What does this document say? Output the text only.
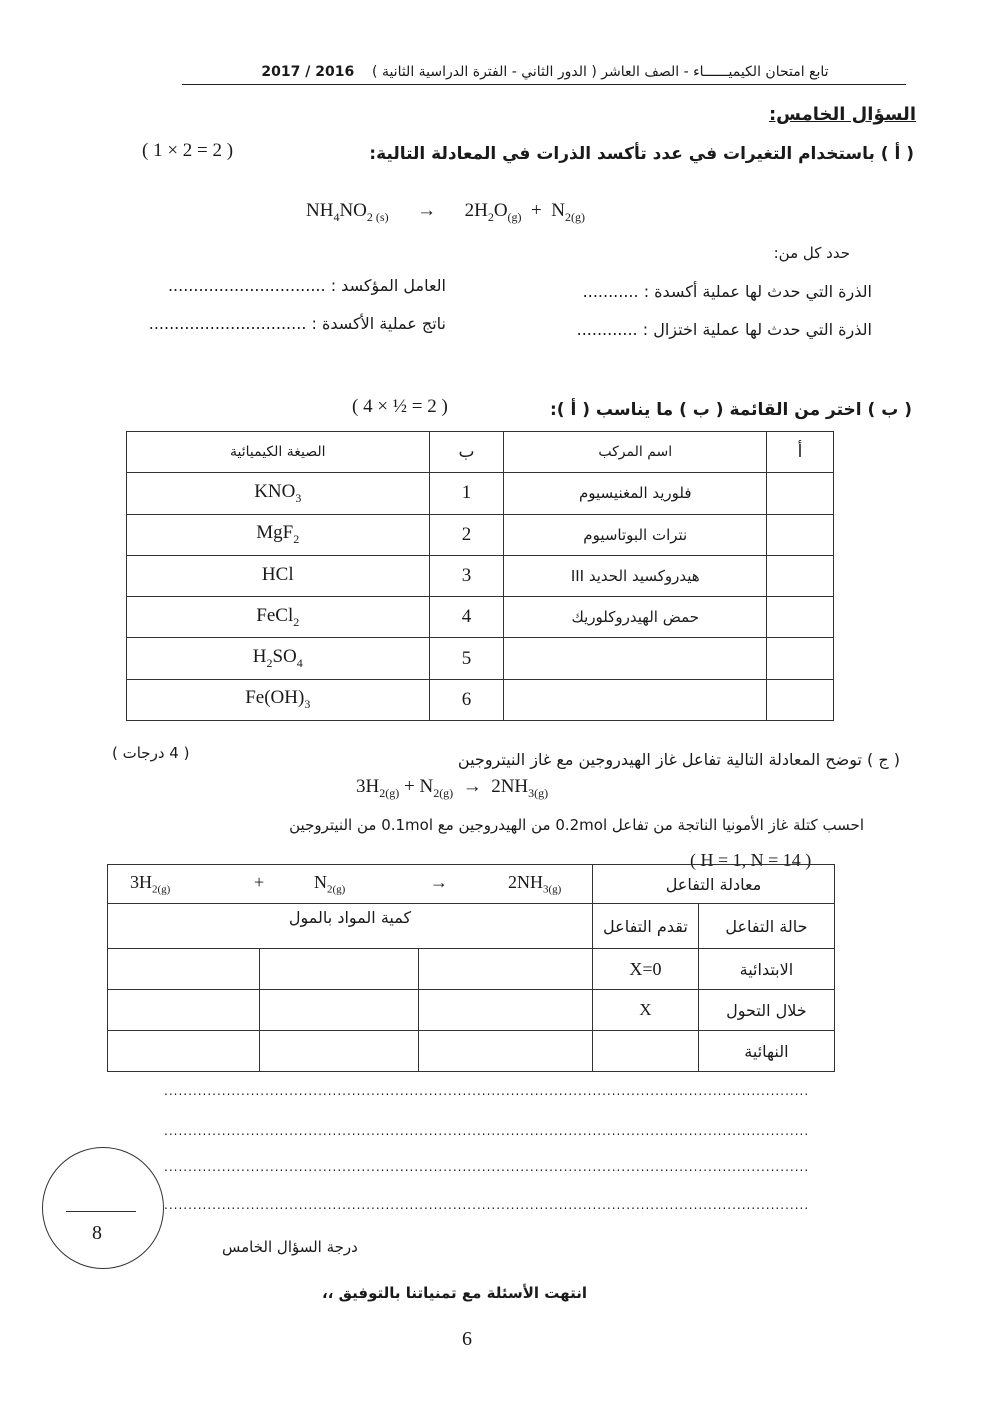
تابع امتحان الكيميــــــاء - الصف العاشر ( الدور الثاني - الفترة الدراسية الثانية )    2017 / 2016
السؤال الخامس:
( أ ) باستخدام التغيرات في عدد تأكسد الذرات في المعادلة التالية:
( 1 × 2 = 2 )
$NH_4NO_{2 (s)} \to 2H_2O_{(g)} + N_{2(g)}$
حدد كل من:
الذرة التي حدث لها عملية أكسدة : ...........
العامل المؤكسد : ...............................
الذرة التي حدث لها عملية اختزال : ............
ناتج عملية الأكسدة : ...............................
( ب ) اختر من القائمة ( ب ) ما يناسب ( أ ):
( 4 × ½ = 2 )
الصيغة الكيميائية	ب	اسم المركب	أ
$KNO_3$	1	فلوريد المغنيسيوم	
MgF$_2$	2	نترات البوتاسيوم	
HCl	3	هيدروكسيد الحديد III	
FeCl$_2$	4	حمض الهيدروكلوريك	
$H_2SO_4$	5		
$Fe(OH)_3$	6		
( ج ) توضح المعادلة التالية تفاعل غاز الهيدروجين مع غاز النيتروجين
( 4 درجات )
$3H_{2(g)} + N_{2(g)} \to 2NH_{3(g)}$
احسب كتلة غاز الأمونيا الناتجة من تفاعل 0.2mol من الهيدروجين مع 0.1mol من النيتروجين
( H = 1, N = 14 )
$3H_{2(g)} + N_{2(g)} \to 2NH_{3(g)}$			معادلة التفاعل	
كمية المواد بالمول			تقدم التفاعل	حالة التفاعل
			X=0	الابتدائية
			X	خلال التحول
				النهائية
......................................................................................................................................
......................................................................................................................................
......................................................................................................................................
......................................................................................................................................
8
درجة السؤال الخامس
انتهت الأسئلة مع تمنياتنا بالتوفيق ،،
6
